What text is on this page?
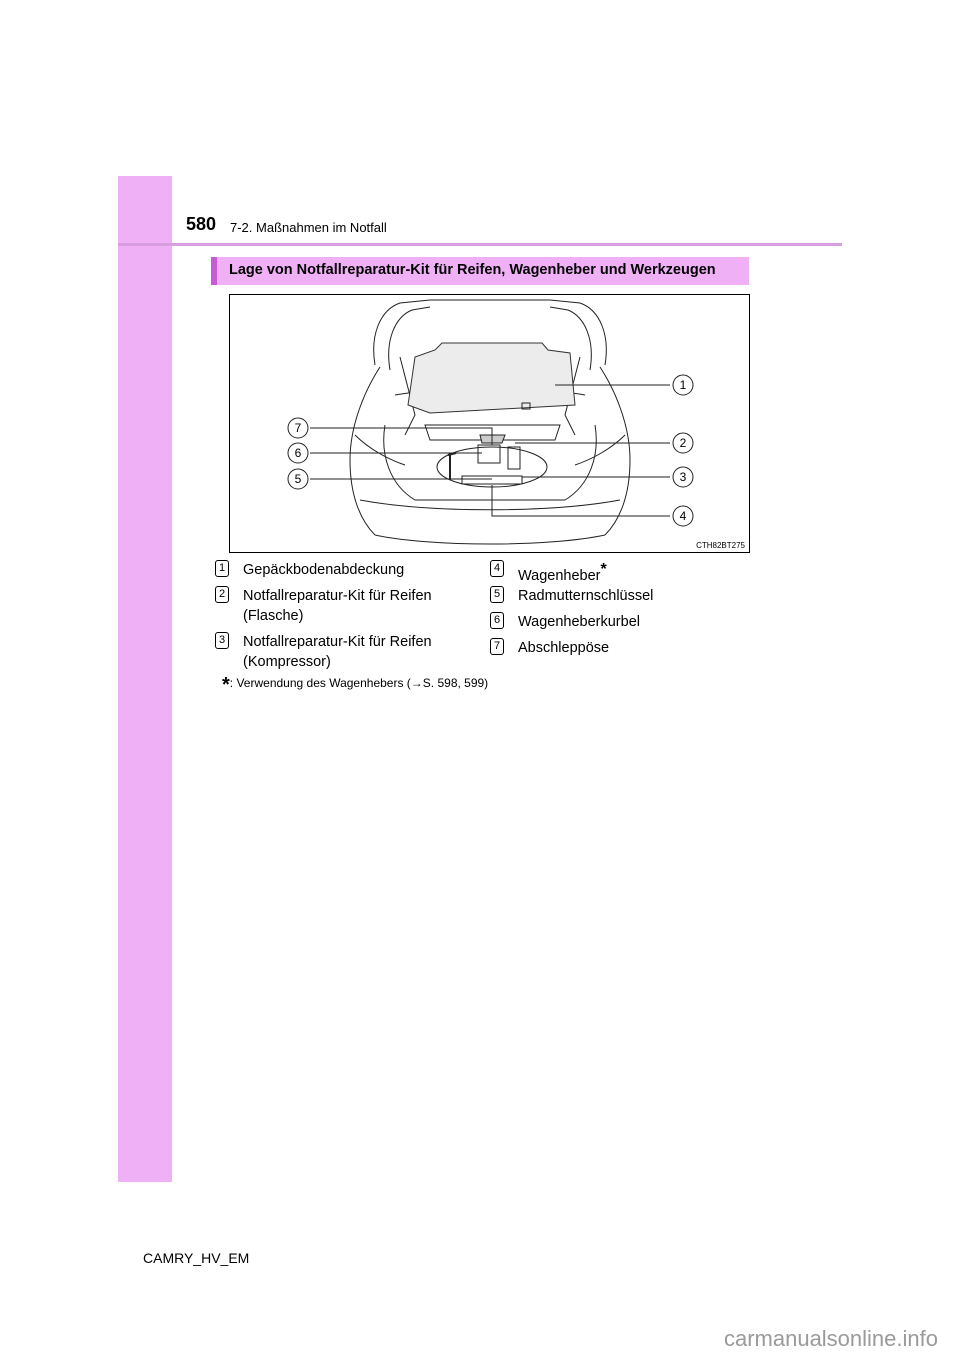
580 7-2. Maßnahmen im Notfall
Lage von Notfallreparatur-Kit für Reifen, Wagenheber und Werkzeugen
1
2
3
4
5
6
7
CTH82BT275
1 Gepäckbodenabdeckung
2 Notfallreparatur-Kit für Reifen (Flasche)
3 Notfallreparatur-Kit für Reifen (Kompressor)
4 Wagenheber*
5 Radmutternschlüssel
6 Wagenheberkurbel
7 Abschleppöse
*: Verwendung des Wagenhebers (→S. 598, 599)
CAMRY_HV_EM
carmanualsonline.info
